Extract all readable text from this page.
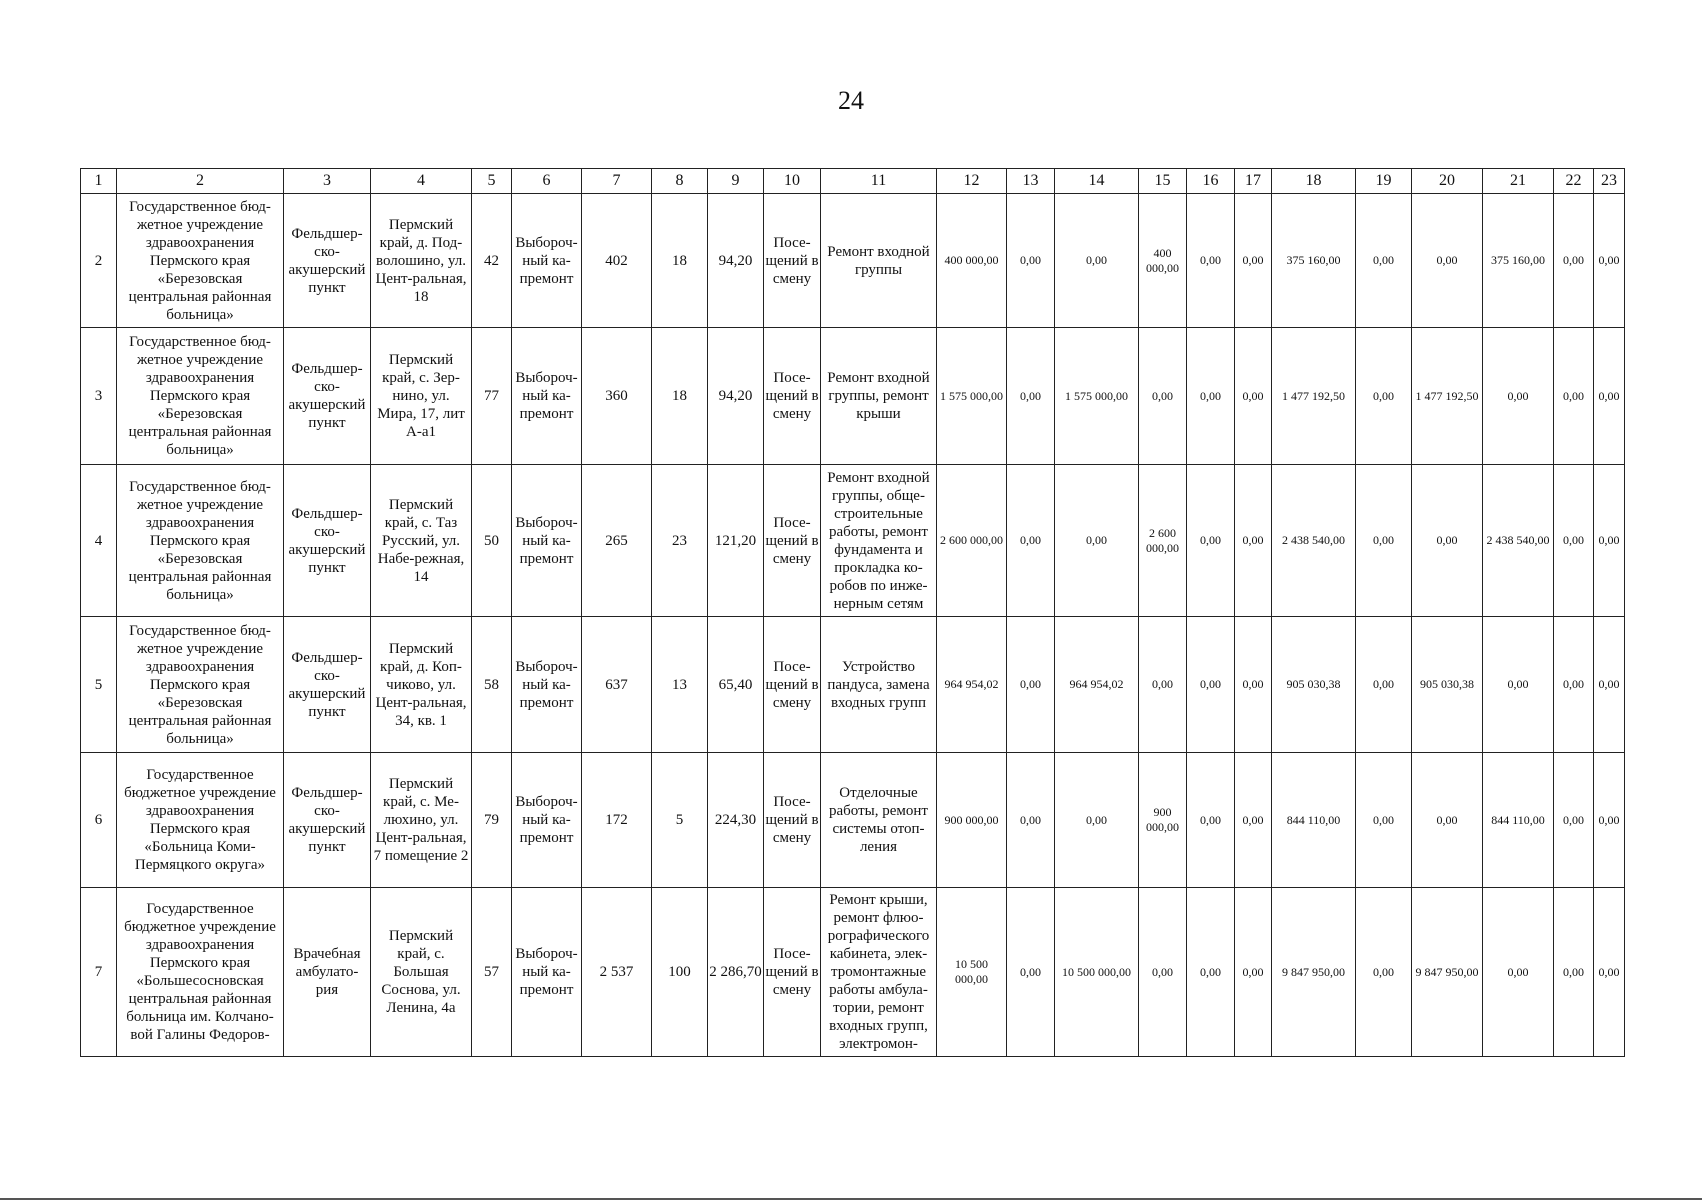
24
1	2	3	4	5	6	7	8	9	10	11	12	13	14	15	16	17	18	19	20	21	22	23
2	Государственное бюд-жетное учреждение здравоохранения Пермского края «Березовская центральная районная больница»	Фельдшер-ско-акушерский пункт	Пермский край, д. Под-волошино, ул. Цент-ральная, 18	42	Выбороч-ный ка-премонт	402	18	94,20	Посе-щений в смену	Ремонт входной группы	400 000,00	0,00	0,00	400 000,00	0,00	0,00	375 160,00	0,00	0,00	375 160,00	0,00	0,00
3	Государственное бюд-жетное учреждение здравоохранения Пермского края «Березовская центральная районная больница»	Фельдшер-ско-акушерский пункт	Пермский край, с. Зер-нино, ул. Мира, 17, лит А-а1	77	Выбороч-ный ка-премонт	360	18	94,20	Посе-щений в смену	Ремонт входной группы, ремонт крыши	1 575 000,00	0,00	1 575 000,00	0,00	0,00	0,00	1 477 192,50	0,00	1 477 192,50	0,00	0,00	0,00
4	Государственное бюд-жетное учреждение здравоохранения Пермского края «Березовская центральная районная больница»	Фельдшер-ско-акушерский пункт	Пермский край, с. Таз Русский, ул. Набе-режная, 14	50	Выбороч-ный ка-премонт	265	23	121,20	Посе-щений в смену	Ремонт входной группы, обще-строительные работы, ремонт фундамента и прокладка ко-робов по инже-нерным сетям	2 600 000,00	0,00	0,00	2 600 000,00	0,00	0,00	2 438 540,00	0,00	0,00	2 438 540,00	0,00	0,00
5	Государственное бюд-жетное учреждение здравоохранения Пермского края «Березовская центральная районная больница»	Фельдшер-ско-акушерский пункт	Пермский край, д. Коп-чиково, ул. Цент-ральная, 34, кв. 1	58	Выбороч-ный ка-премонт	637	13	65,40	Посе-щений в смену	Устройство пандуса, замена входных групп	964 954,02	0,00	964 954,02	0,00	0,00	0,00	905 030,38	0,00	905 030,38	0,00	0,00	0,00
6	Государственное бюджетное учреждение здравоохранения Пермского края «Больница Коми-Пермяцкого округа»	Фельдшер-ско-акушерский пункт	Пермский край, с. Ме-люхино, ул. Цент-ральная, 7 помещение 2	79	Выбороч-ный ка-премонт	172	5	224,30	Посе-щений в смену	Отделочные работы, ремонт системы отоп-ления	900 000,00	0,00	0,00	900 000,00	0,00	0,00	844 110,00	0,00	0,00	844 110,00	0,00	0,00
7	Государственное бюджетное учреждение здравоохранения Пермского края «Большесосновская центральная районная больница им. Колчано-вой Галины Федоров-	Врачебная амбулато-рия	Пермский край, с. Большая Соснова, ул. Ленина, 4а	57	Выбороч-ный ка-премонт	2 537	100	2 286,70	Посе-щений в смену	Ремонт крыши, ремонт флюо-рографического кабинета, элек-тромонтажные работы амбула-тории, ремонт входных групп, электромон-	10 500 000,00	0,00	10 500 000,00	0,00	0,00	0,00	9 847 950,00	0,00	9 847 950,00	0,00	0,00	0,00
